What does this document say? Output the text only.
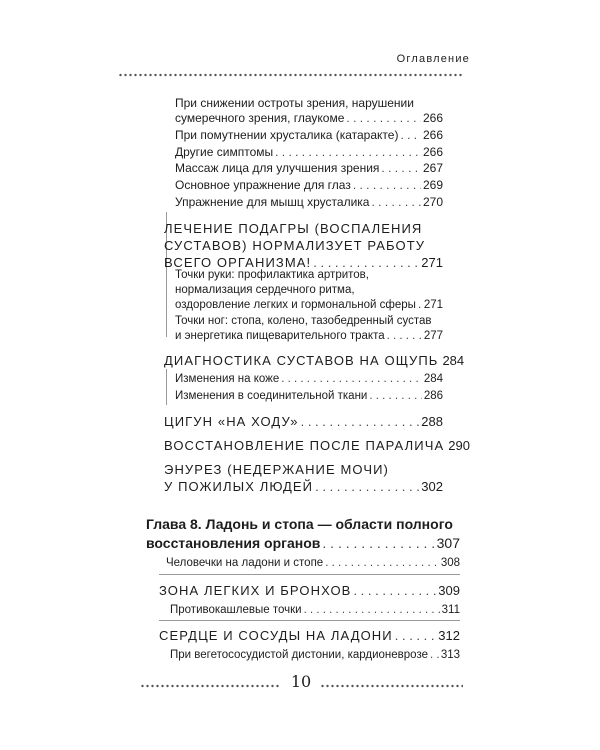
Оглавление
При снижении остроты зрения, нарушении
сумеречного зрения, глаукоме . . .	266
При помутнении хрусталика (катаракте) . . . 266
Другие симптомы . . .	266
Массаж лица для улучшения зрения . . .	267
Основное упражнение для глаз . . .	269
Упражнение для мышц хрусталика . . .	270
ЛЕЧЕНИЕ ПОДАГРЫ (ВОСПАЛЕНИЯ
СУСТАВОВ) НОРМАЛИЗУЕТ РАБОТУ
ВСЕГО ОРГАНИЗМА! . . .	271
Точки руки: профилактика артритов,
нормализация сердечного ритма,
оздоровление легких и гормональной сферы . . . 271
Точки ног: стопа, колено, тазобедренный сустав
и энергетика пищеварительного тракта . . .	277
ДИАГНОСТИКА СУСТАВОВ НА ОЩУПЬ 284
Изменения на коже . . .	284
Изменения в соединительной ткани . . .	286
ЦИГУН «НА ХОДУ» . . .	288
ВОССТАНОВЛЕНИЕ ПОСЛЕ ПАРАЛИЧА 290
ЭНУРЕЗ (НЕДЕРЖАНИЕ МОЧИ)
У ПОЖИЛЫХ ЛЮДЕЙ . . .	302
Глава 8. Ладонь и стопа — области полного
восстановления органов . . .	307
Человечки на ладони и стопе . . .	308
ЗОНА ЛЕГКИХ И БРОНХОВ . . .	309
Противокашлевые точки . . .	311
СЕРДЦЕ И СОСУДЫ НА ЛАДОНИ . . .	312
При вегетососудистой дистонии, кардионеврозе . . . 313
10
